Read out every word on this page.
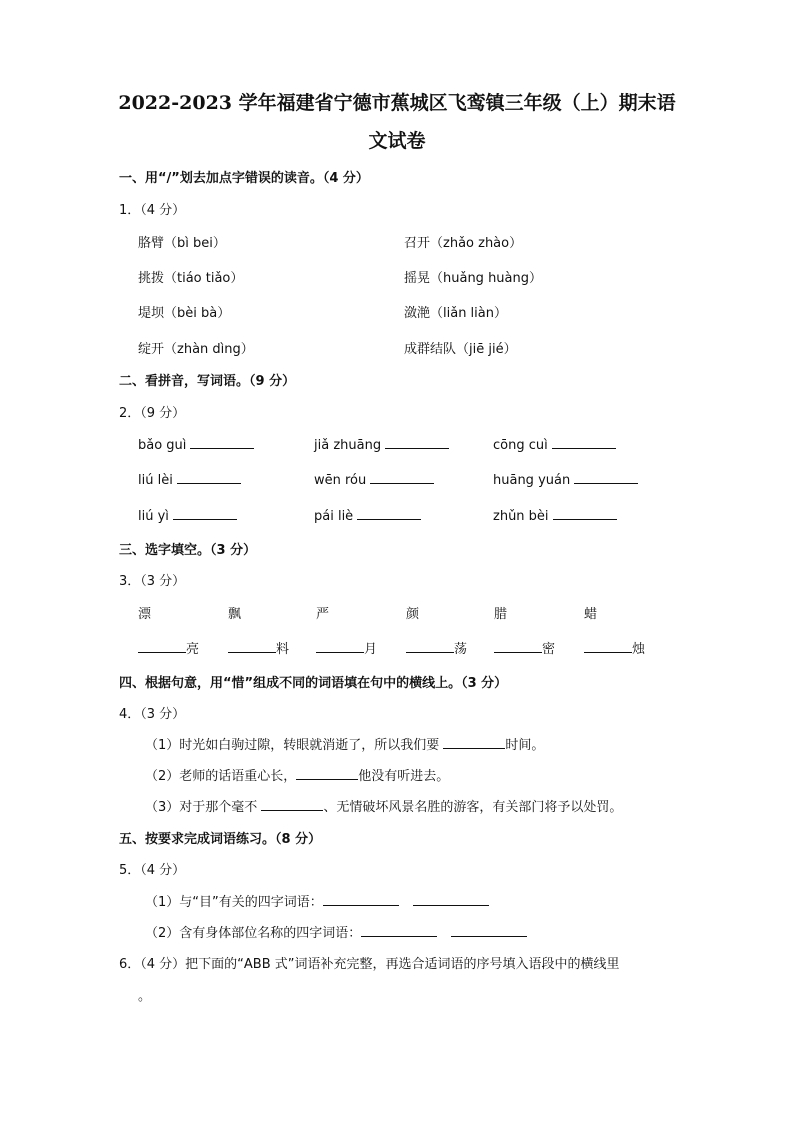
2022-2023 学年福建省宁德市蕉城区飞鸾镇三年级（上）期末语
文试卷
一、用“/”划去加点字错误的读音。（4 分）
1．（4 分）
胳臂（bì bei）	召开（zhǎo zhào）
挑拨（tiáo tiǎo）	摇晃（huǎng huàng）
堤坝（bèi bà）	潋滟（liǎn liàn）
绽开（zhàn dìng）	成群结队（jiē jié）
二、看拼音，写词语。（9 分）
2．（9 分）
bǎo guì	jiǎ zhuāng	cōng cuì
liú lèi	wēn róu	huāng yuán
liú yì	pái liè	zhǔn bèi
三、选字填空。（3 分）
3．（3 分）
漂	飘	严	颜	腊	蜡
亮	料	月	荡	密	烛
四、根据句意，用“惜”组成不同的词语填在句中的横线上。（3 分）
4．（3 分）
（1）时光如白驹过隙，转眼就消逝了，所以我们要	时间。
（2）老师的话语重心长，	他没有听进去。
（3）对于那个毫不	、无情破坏风景名胜的游客，有关部门将予以处罚。
五、按要求完成词语练习。（8 分）
5．（4 分）
（1）与“目”有关的四字词语：
（2）含有身体部位名称的四字词语：
6．（4 分）把下面的“ABB 式”词语补充完整，再选合适词语的序号填入语段中的横线里
。
